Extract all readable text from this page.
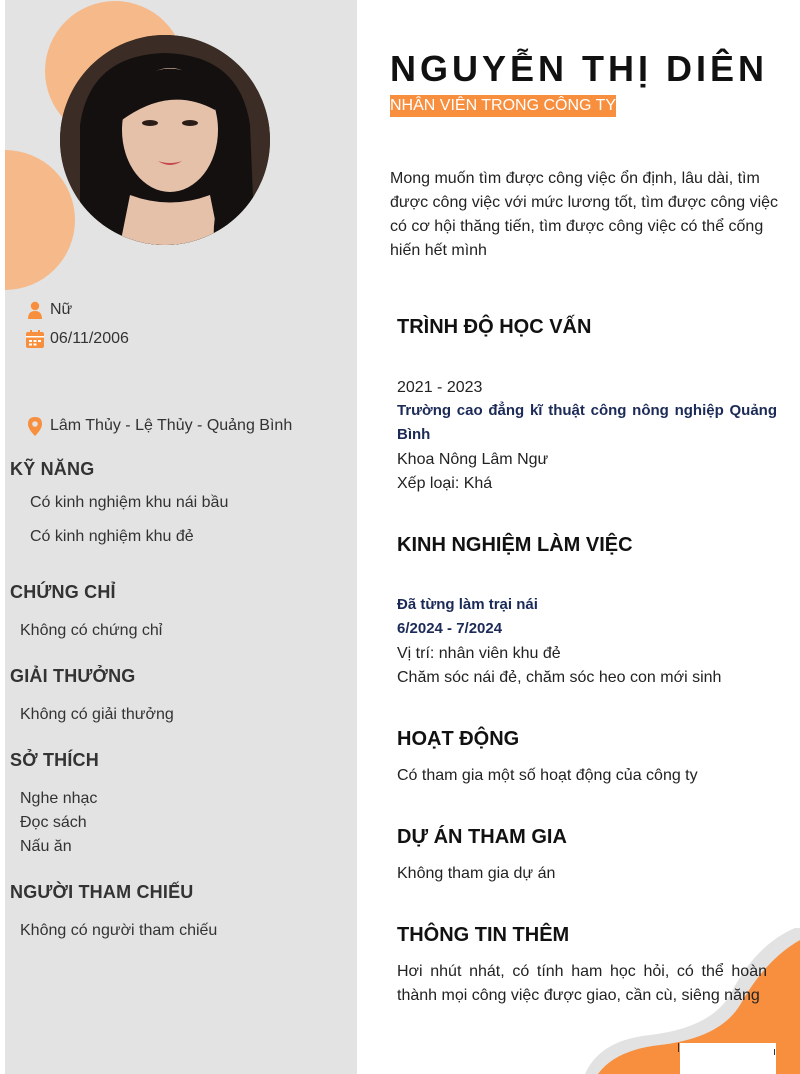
Nữ
06/11/2006
Lâm Thủy - Lệ Thủy - Quảng Bình
KỸ NĂNG
Có kinh nghiệm khu nái bầu
Có kinh nghiệm khu đẻ
CHỨNG CHỈ
Không có chứng chỉ
GIẢI THƯỞNG
Không có giải thưởng
SỞ THÍCH
Nghe nhạc
Đọc sách
Nấu ăn
NGƯỜI THAM CHIẾU
Không có người tham chiếu
NGUYỄN THỊ DIÊN
NHÂN VIÊN TRONG CÔNG TY
Mong muốn tìm được công việc ổn định, lâu dài, tìm được công việc với mức lương tốt, tìm được công việc có cơ hội thăng tiến, tìm được công việc có thể cống hiến hết mình
TRÌNH ĐỘ HỌC VẤN
2021 - 2023
Trường cao đẳng kĩ thuật công nông nghiệp Quảng Bình
Khoa Nông Lâm Ngư
Xếp loại: Khá
KINH NGHIỆM LÀM VIỆC
Đã từng làm trại nái
6/2024 - 7/2024
Vị trí: nhân viên khu đẻ
Chăm sóc nái đẻ, chăm sóc heo con mới sinh
HOẠT ĐỘNG
Có tham gia một số hoạt động của công ty
DỰ ÁN THAM GIA
Không tham gia dự án
THÔNG TIN THÊM
Hơi nhút nhát, có tính ham học hỏi, có thể hoàn thành mọi công việc được giao, cần cù, siêng năng
